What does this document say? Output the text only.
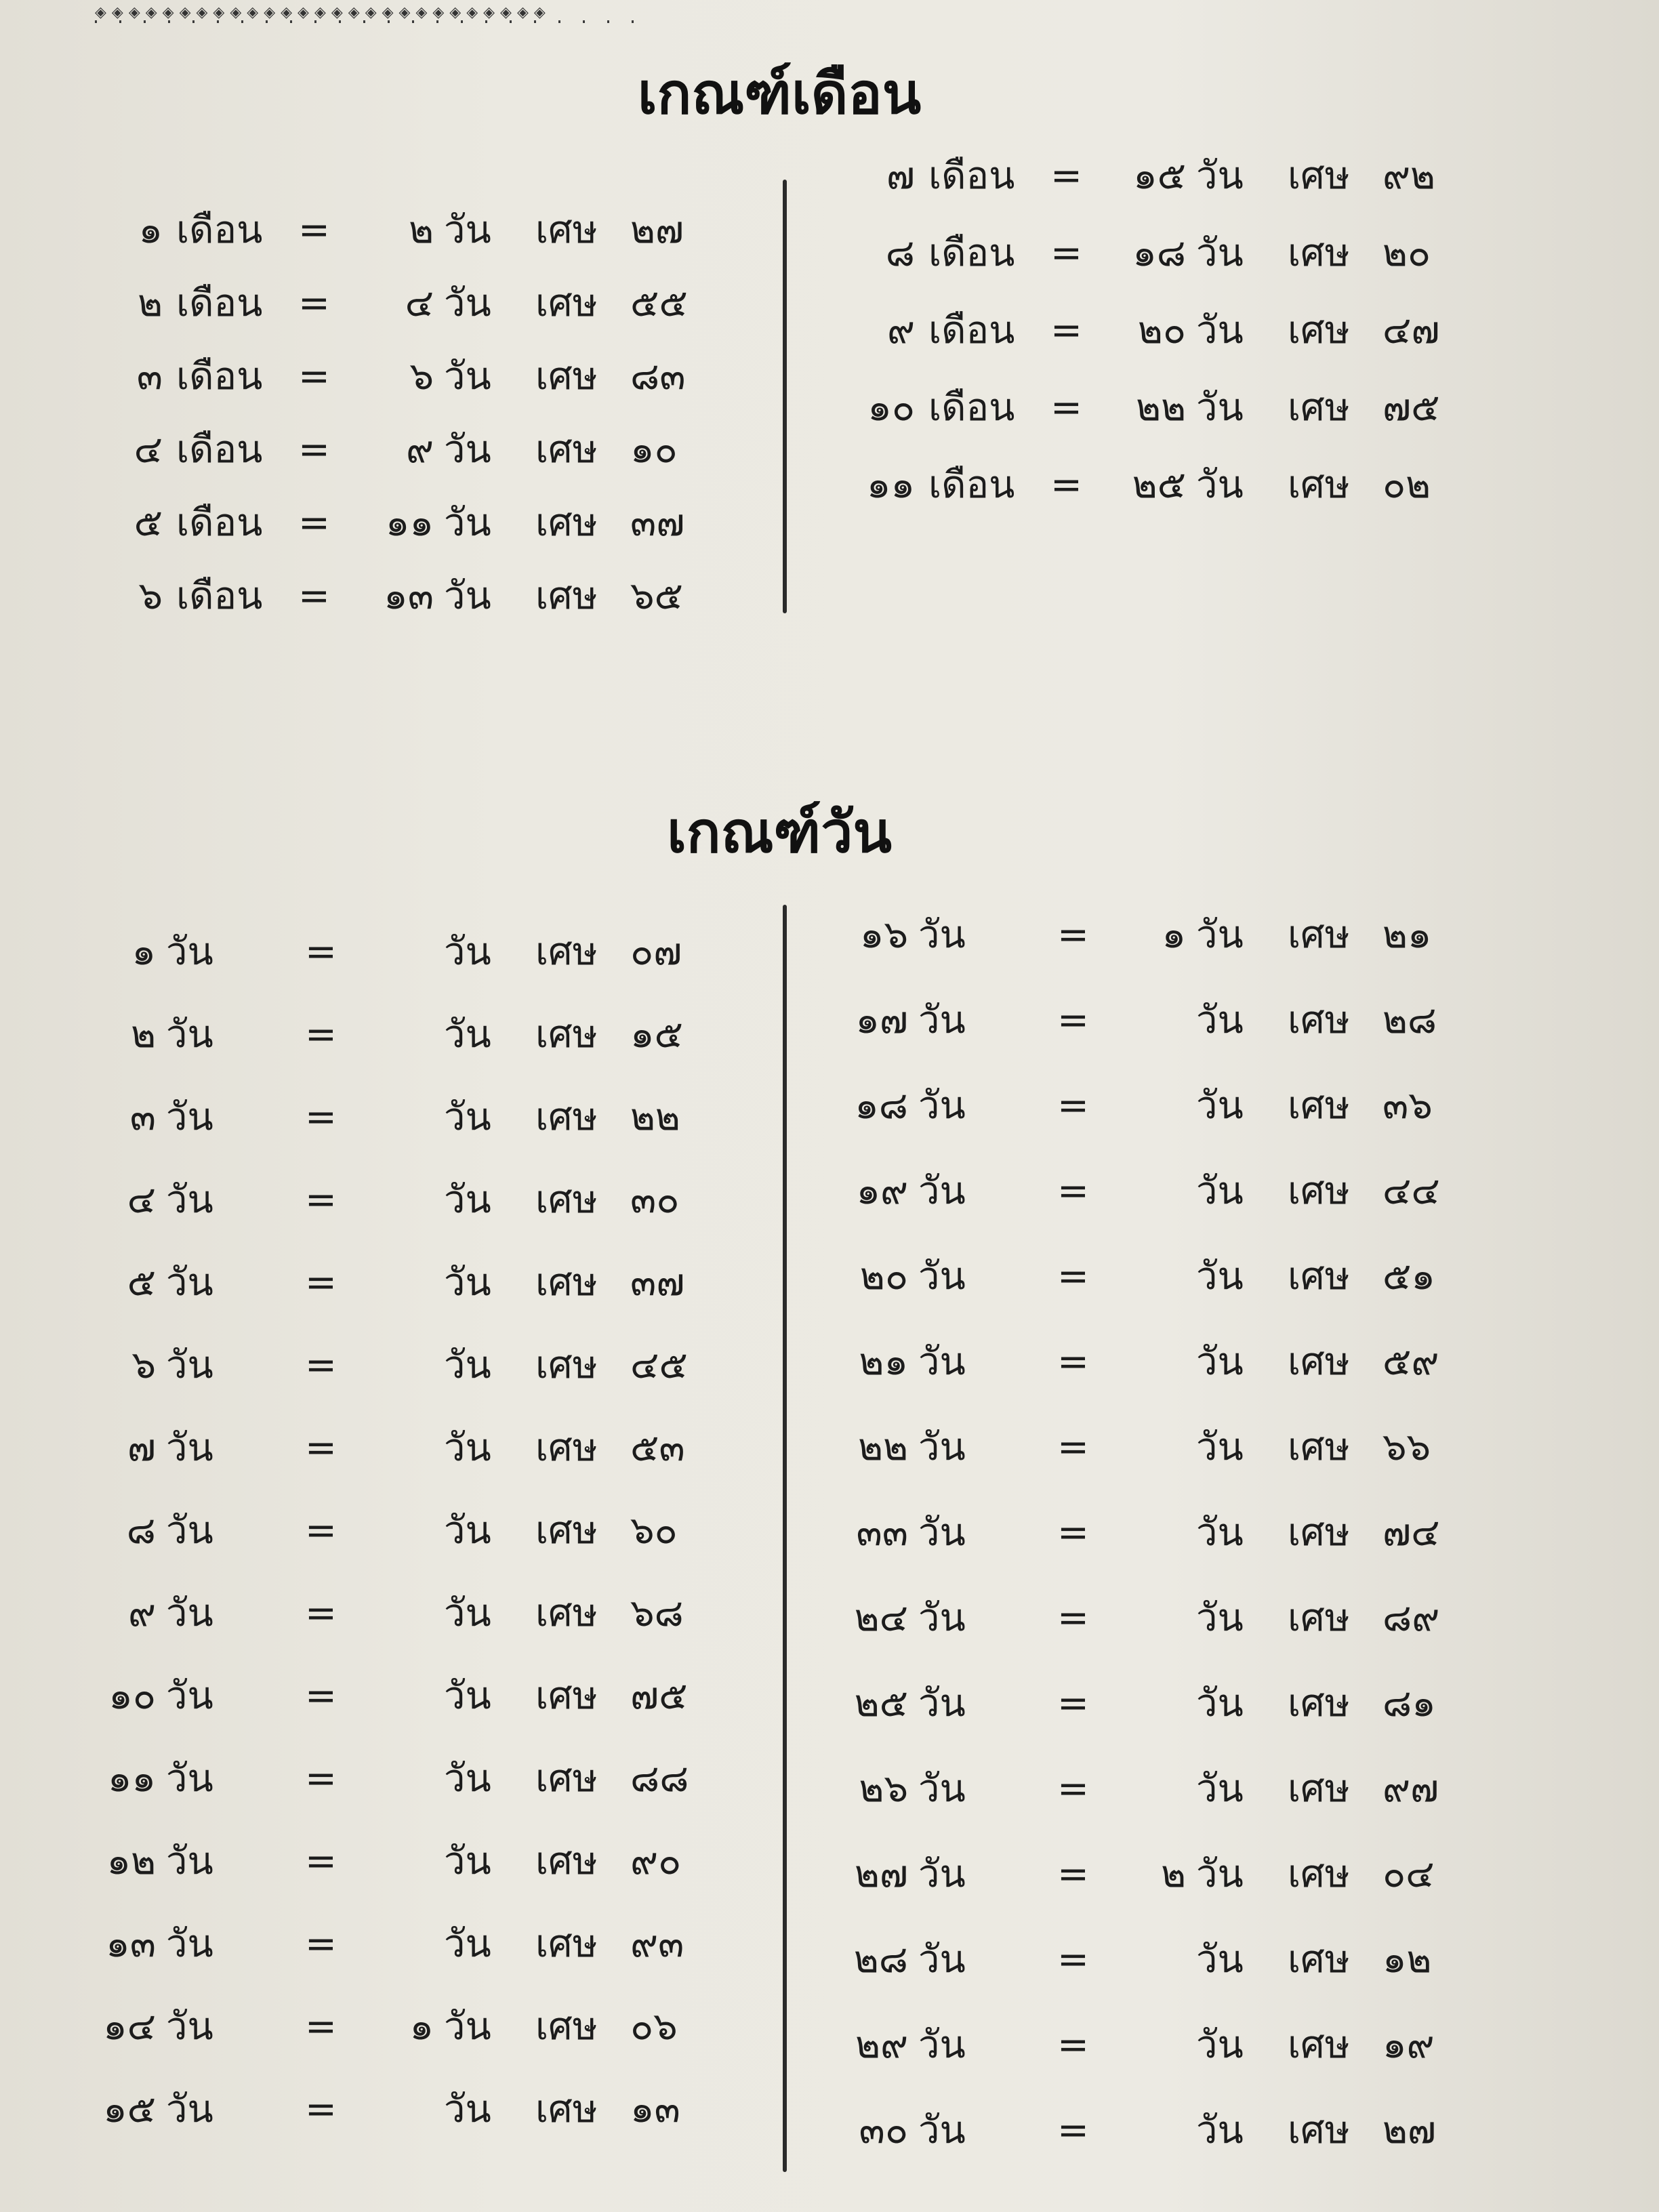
◈◈◈◈◈◈◈◈◈◈◈◈◈◈◈◈◈◈◈◈◈◈◈◈◈◈◈
เกณฑ์เดือน
๑ เดือน =	๒ วัน	เศษ ๒๗
๒ เดือน =	๔ วัน	เศษ ๕๕
๓ เดือน =	๖ วัน	เศษ ๘๓
๔ เดือน =	๙ วัน	เศษ ๑๐
๕ เดือน =	๑๑ วัน	เศษ ๓๗
๖ เดือน =	๑๓ วัน	เศษ ๖๕
๗ เดือน =	๑๕ วัน	เศษ ๙๒
๘ เดือน =	๑๘ วัน	เศษ ๒๐
๙ เดือน =	๒๐ วัน	เศษ ๔๗
๑๐ เดือน =	๒๒ วัน	เศษ ๗๕
๑๑ เดือน =	๒๕ วัน	เศษ ๐๒
เกณฑ์วัน
๑ วัน	=	วัน	เศษ ๐๗
๒ วัน	=	วัน	เศษ ๑๕
๓ วัน	=	วัน	เศษ ๒๒
๔ วัน	=	วัน	เศษ ๓๐
๕ วัน	=	วัน	เศษ ๓๗
๖ วัน	=	วัน	เศษ ๔๕
๗ วัน	=	วัน	เศษ ๕๓
๘ วัน	=	วัน	เศษ ๖๐
๙ วัน	=	วัน	เศษ ๖๘
๑๐ วัน	=	วัน	เศษ ๗๕
๑๑ วัน	=	วัน	เศษ ๘๘
๑๒ วัน	=	วัน	เศษ ๙๐
๑๓ วัน	=	วัน	เศษ ๙๓
๑๔ วัน	=	๑ วัน	เศษ ๐๖
๑๕ วัน	=	วัน	เศษ ๑๓
๑๖ วัน	=	๑ วัน	เศษ ๒๑
๑๗ วัน	=	วัน	เศษ ๒๘
๑๘ วัน	=	วัน	เศษ ๓๖
๑๙ วัน	=	วัน	เศษ ๔๔
๒๐ วัน	=	วัน	เศษ ๕๑
๒๑ วัน	=	วัน	เศษ ๕๙
๒๒ วัน	=	วัน	เศษ ๖๖
๓๓ วัน	=	วัน	เศษ ๗๔
๒๔ วัน	=	วัน	เศษ ๘๙
๒๕ วัน	=	วัน	เศษ ๘๑
๒๖ วัน	=	วัน	เศษ ๙๗
๒๗ วัน	=	๒ วัน	เศษ ๐๔
๒๘ วัน	=	วัน	เศษ ๑๒
๒๙ วัน	=	วัน	เศษ ๑๙
๓๐ วัน	=	วัน	เศษ ๒๗
